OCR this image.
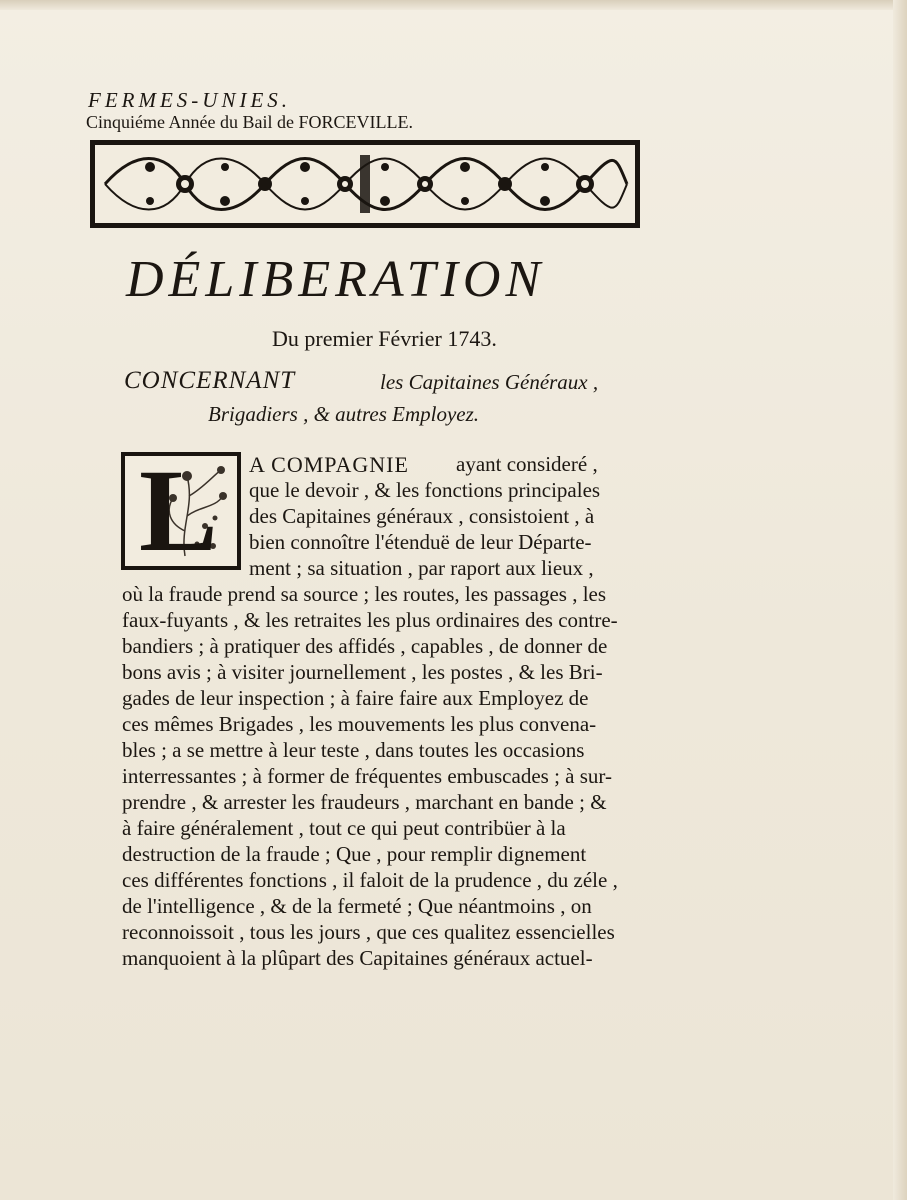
FERMES-UNIES.
Cinquiéme Année du Bail de FORCEVILLE.
DÉLIBERATION
Du premier Février 1743.
CONCERNANT	les Capitaines Généraux ,
Brigadiers , & autres Employez.
L A COMPAGNIE ayant consideré ,
que le devoir , & les fonctions principales
des Capitaines généraux , consistoient , à
bien connoître l'étenduë de leur Départe-
ment ; sa situation , par raport aux lieux ,
où la fraude prend sa source ; les routes, les passages , les
faux-fuyants , & les retraites les plus ordinaires des contre-
bandiers ; à pratiquer des affidés , capables , de donner de
bons avis ; à visiter journellement , les postes , & les Bri-
gades de leur inspection ; à faire faire aux Employez de
ces mêmes Brigades , les mouvements les plus convena-
bles ; a se mettre à leur teste , dans toutes les occasions
interressantes ; à former de fréquentes embuscades ; à sur-
prendre , & arrester les fraudeurs , marchant en bande ; &
à faire généralement , tout ce qui peut contribüer à la
destruction de la fraude ; Que , pour remplir dignement
ces différentes fonctions , il faloit de la prudence , du zéle ,
de l'intelligence , & de la fermeté ; Que néantmoins , on
reconnoissoit , tous les jours , que ces qualitez essencielles
manquoient à la plûpart des Capitaines généraux actuel-
